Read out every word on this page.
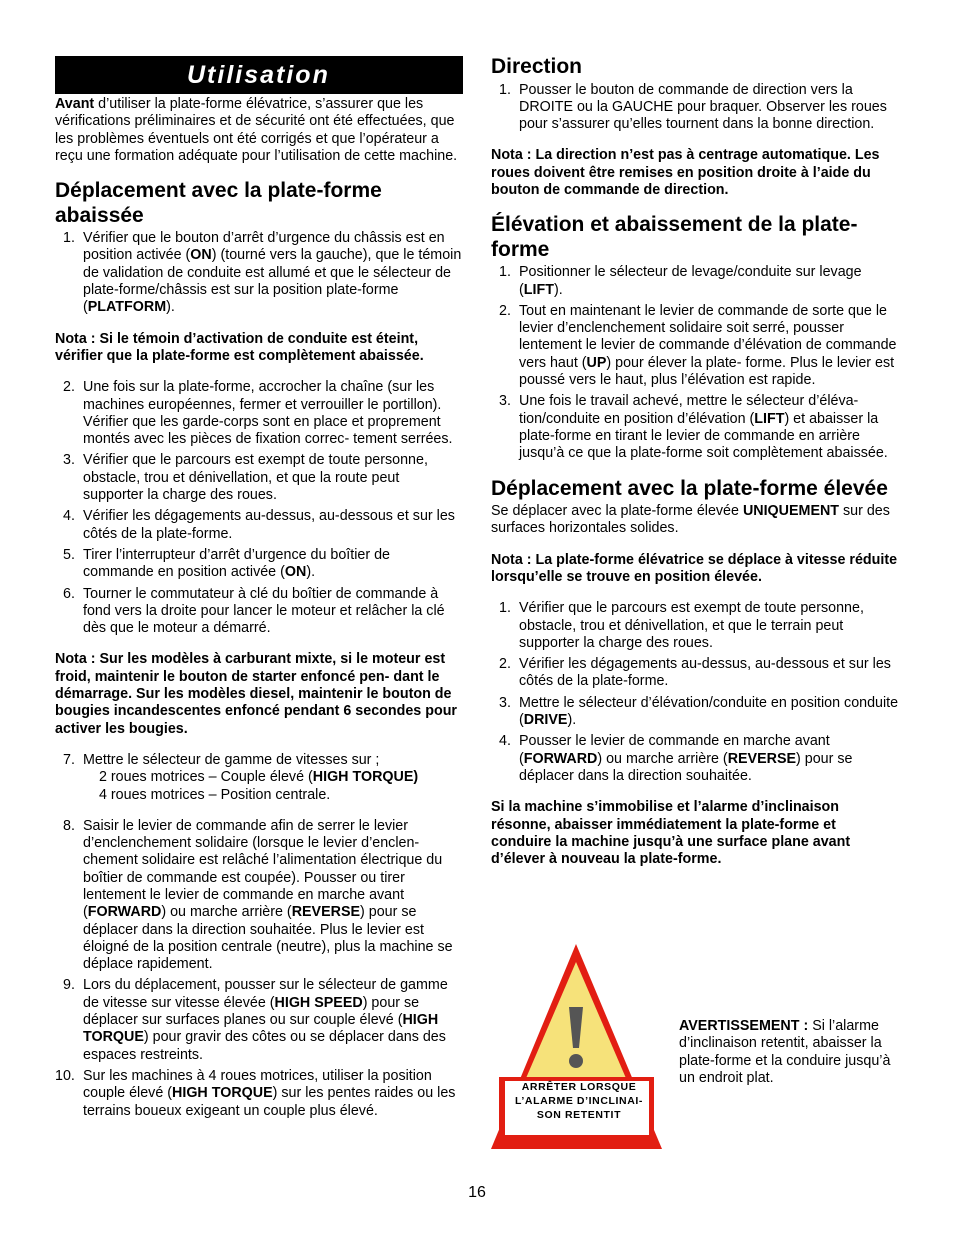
Utilisation

Avant d’utiliser la plate-forme élévatrice, s’assurer que les vérifications préliminaires et de sécurité ont été effectuées, que les problèmes éventuels ont été corrigés et que l’opérateur a reçu une formation adéquate pour l’utilisation de cette machine.

Déplacement avec la plate-forme abaissée
1. Vérifier que le bouton d’arrêt d’urgence du châssis est en position activée (ON) (tourné vers la gauche), que le témoin de validation de conduite est allumé et que le sélecteur de plate-forme/châssis est sur la position plate-forme (PLATFORM).

Nota : Si le témoin d’activation de conduite est éteint, vérifier que la plate-forme est complètement abaissée.

2. Une fois sur la plate-forme, accrocher la chaîne (sur les machines européennes, fermer et verrouiller le portillon). Vérifier que les garde-corps sont en place et proprement montés avec les pièces de fixation correc- tement serrées.
3. Vérifier que le parcours est exempt de toute personne, obstacle, trou et dénivellation, et que la route peut supporter la charge des roues.
4. Vérifier les dégagements au-dessus, au-dessous et sur les côtés de la plate-forme.
5. Tirer l’interrupteur d’arrêt d’urgence du boîtier de commande en position activée (ON).
6. Tourner le commutateur à clé du boîtier de commande à fond vers la droite pour lancer le moteur et relâcher la clé dès que le moteur a démarré.

Nota : Sur les modèles à carburant mixte, si le moteur est froid, maintenir le bouton de starter enfoncé pen- dant le démarrage. Sur les modèles diesel, maintenir le bouton de bougies incandescentes enfoncé pendant 6 secondes pour activer les bougies.

7. Mettre le sélecteur de gamme de vitesses sur ;
2 roues motrices – Couple élevé (HIGH TORQUE)
4 roues motrices – Position centrale.
8. Saisir le levier de commande afin de serrer le levier d’enclenchement solidaire (lorsque le levier d’enclen- chement solidaire est relâché l’alimentation électrique du boîtier de commande est coupée). Pousser ou tirer lentement le levier de commande en marche avant (FORWARD) ou marche arrière (REVERSE) pour se déplacer dans la direction souhaitée. Plus le levier est éloigné de la position centrale (neutre), plus la machine se déplace rapidement.
9. Lors du déplacement, pousser sur le sélecteur de gamme de vitesse sur vitesse élevée (HIGH SPEED) pour se déplacer sur surfaces planes ou sur couple élevé (HIGH TORQUE) pour gravir des côtes ou se déplacer dans des espaces restreints.
10. Sur les machines à 4 roues motrices, utiliser la position couple élevé (HIGH TORQUE) sur les pentes raides ou les terrains boueux exigeant un couple plus élevé.
Direction
1. Pousser le bouton de commande de direction vers la DROITE ou la GAUCHE pour braquer. Observer les roues pour s’assurer qu’elles tournent dans la bonne direction.

Nota : La direction n’est pas à centrage automatique. Les roues doivent être remises en position droite à l’aide du bouton de commande de direction.

Élévation et abaissement de la plate-forme
1. Positionner le sélecteur de levage/conduite sur levage (LIFT).
2. Tout en maintenant le levier de commande de sorte que le levier d’enclenchement solidaire soit serré, pousser lentement le levier de commande d’élévation de commande vers haut (UP) pour élever la plate- forme. Plus le levier est poussé vers le haut, plus l’élévation est rapide.
3. Une fois le travail achevé, mettre le sélecteur d’éléva- tion/conduite en position d’élévation (LIFT) et abaisser la plate-forme en tirant le levier de commande en arrière jusqu’à ce que la plate-forme soit complètement abaissée.
Déplacement avec la plate-forme élevée

Se déplacer avec la plate-forme élevée UNIQUEMENT sur des surfaces horizontales solides.

Nota : La plate-forme élévatrice se déplace à vitesse réduite lorsqu’elle se trouve en position élevée.

1. Vérifier que le parcours est exempt de toute personne, obstacle, trou et dénivellation, et que le terrain peut supporter la charge des roues.
2. Vérifier les dégagements au-dessus, au-dessous et sur les côtés de la plate-forme.
3. Mettre le sélecteur d’élévation/conduite en position conduite (DRIVE).
4. Pousser le levier de commande en marche avant (FORWARD) ou marche arrière (REVERSE) pour se déplacer dans la direction souhaitée.

Si la machine s’immobilise et l’alarme d’inclinaison résonne, abaisser immédiatement la plate-forme et conduire la machine jusqu’à une surface plane avant d’élever à nouveau la plate-forme.

ARRÊTER LORSQUE L’ALARME D’INCLINAI- SON RETENTIT
AVERTISSEMENT : Si l’alarme d’inclinaison retentit, abaisser la plate-forme et la conduire jusqu’à un endroit plat.
16
